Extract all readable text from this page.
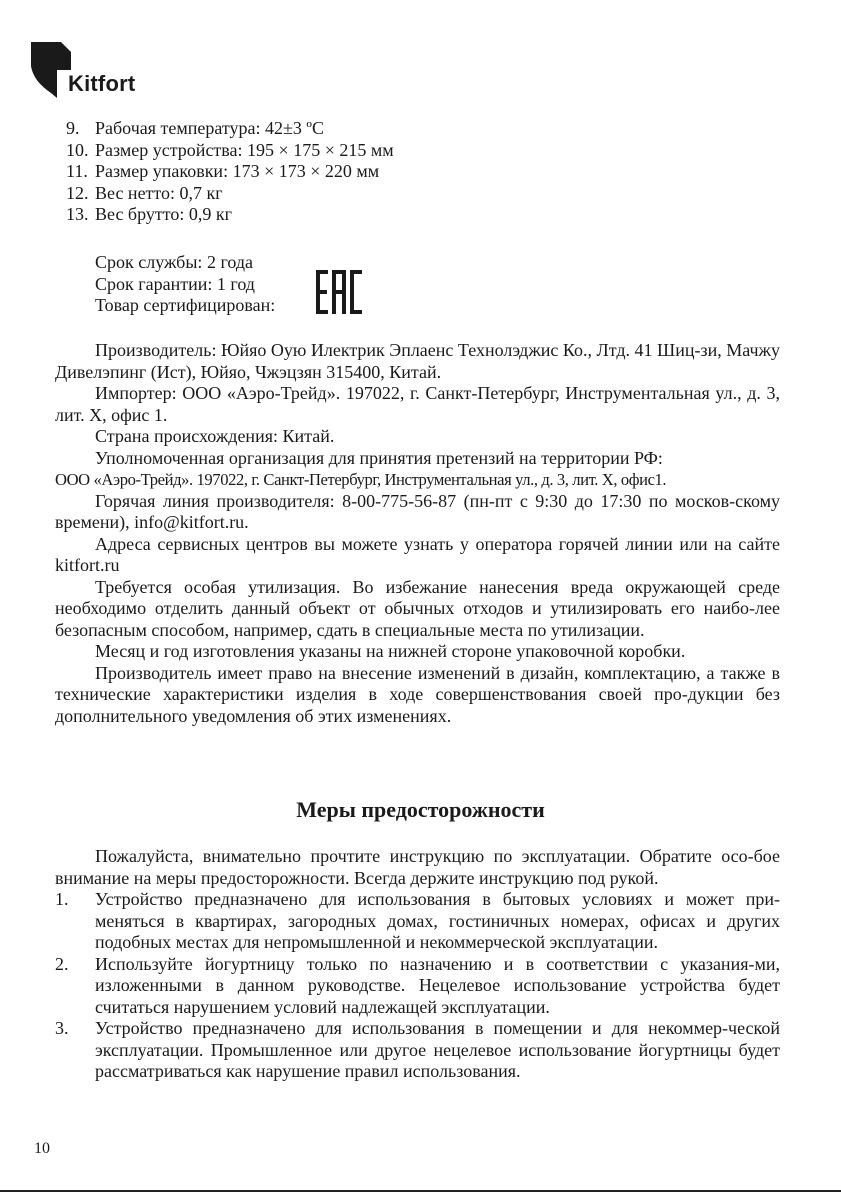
Kitfort
9. Рабочая температура: 42±3 ºС
10. Размер устройства: 195 × 175 × 215 мм
11. Размер упаковки: 173 × 173 × 220 мм
12. Вес нетто: 0,7 кг
13. Вес брутто: 0,9 кг
Срок службы: 2 года
Срок гарантии: 1 год
Товар сертифицирован:

Производитель: Юйяо Оую Илектрик Эплаенс Технолэджис Ко., Лтд. 41 Шиц-зи, Мачжу Дивелэпинг (Ист), Юйяо, Чжэцзян 315400, Китай.

Импортер: ООО «Аэро-Трейд». 197022, г. Санкт-Петербург, Инструментальная ул., д. 3, лит. Х, офис 1.

Страна происхождения: Китай.

Уполномоченная организация для принятия претензий на территории РФ:

ООО «Аэро-Трейд». 197022, г. Санкт-Петербург, Инструментальная ул., д. 3, лит. Х, офис1.

Горячая линия производителя: 8-00-775-56-87 (пн-пт с 9:30 до 17:30 по москов-скому времени), info@kitfort.ru.

Адреса сервисных центров вы можете узнать у оператора горячей линии или на сайте kitfort.ru

Требуется особая утилизация. Во избежание нанесения вреда окружающей среде необходимо отделить данный объект от обычных отходов и утилизировать его наибо-лее безопасным способом, например, сдать в специальные места по утилизации.

Месяц и год изготовления указаны на нижней стороне упаковочной коробки.

Производитель имеет право на внесение изменений в дизайн, комплектацию, а также в технические характеристики изделия в ходе совершенствования своей про-дукции без дополнительного уведомления об этих изменениях.

Меры предосторожности

Пожалуйста, внимательно прочтите инструкцию по эксплуатации. Обратите осо-бое внимание на меры предосторожности. Всегда держите инструкцию под рукой.

1.	Устройство предназначено для использования в бытовых условиях и может при-меняться в квартирах, загородных домах, гостиничных номерах, офисах и других подобных местах для непромышленной и некоммерческой эксплуатации.
2.	Используйте йогуртницу только по назначению и в соответствии с указания-ми, изложенными в данном руководстве. Нецелевое использование устройства будет считаться нарушением условий надлежащей эксплуатации.
3.	Устройство предназначено для использования в помещении и для некоммер-ческой эксплуатации. Промышленное или другое нецелевое использование йогуртницы будет рассматриваться как нарушение правил использования.
10
